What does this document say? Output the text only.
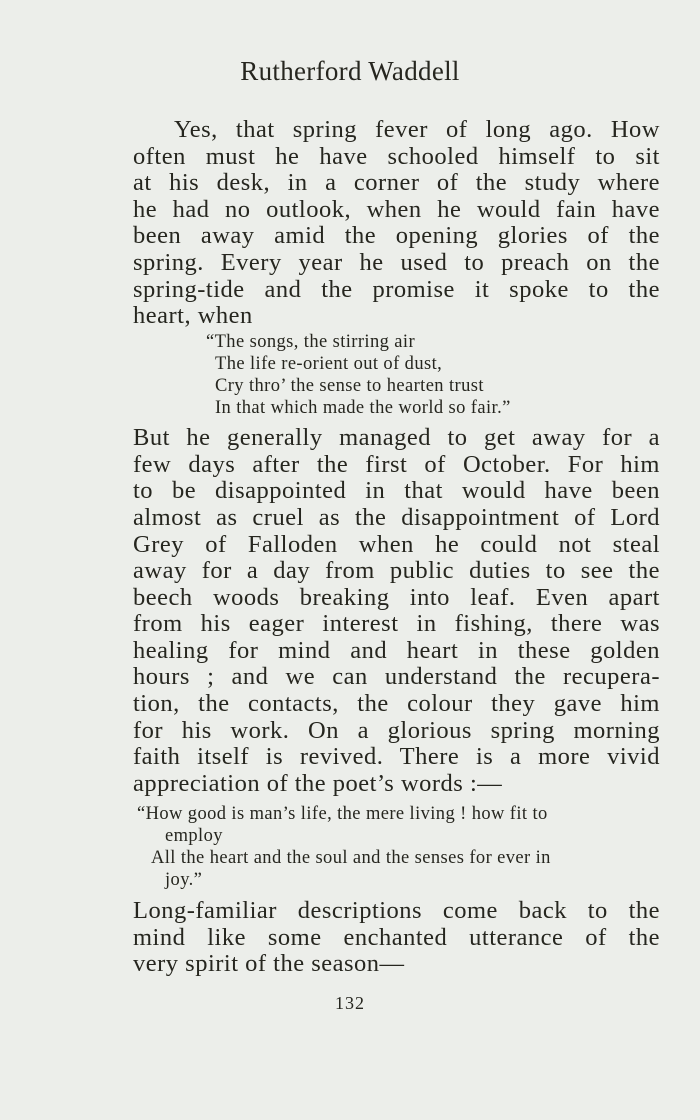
Rutherford Waddell
Yes, that spring fever of long ago. How
often must he have schooled himself to sit
at his desk, in a corner of the study where
he had no outlook, when he would fain have
been away amid the opening glories of the
spring. Every year he used to preach on the
spring-tide and the promise it spoke to the
heart, when
“The songs, the stirring air
The life re-orient out of dust,
Cry thro’ the sense to hearten trust
In that which made the world so fair.”
But he generally managed to get away for a
few days after the first of October. For him
to be disappointed in that would have been
almost as cruel as the disappointment of Lord
Grey of Falloden when he could not steal
away for a day from public duties to see the
beech woods breaking into leaf. Even apart
from his eager interest in fishing, there was
healing for mind and heart in these golden
hours ; and we can understand the recupera-
tion, the contacts, the colour they gave him
for his work. On a glorious spring morning
faith itself is revived. There is a more vivid
appreciation of the poet’s words :—
“How good is man’s life, the mere living ! how fit to
employ
All the heart and the soul and the senses for ever in
joy.”
Long-familiar descriptions come back to the
mind like some enchanted utterance of the
very spirit of the season—
132
